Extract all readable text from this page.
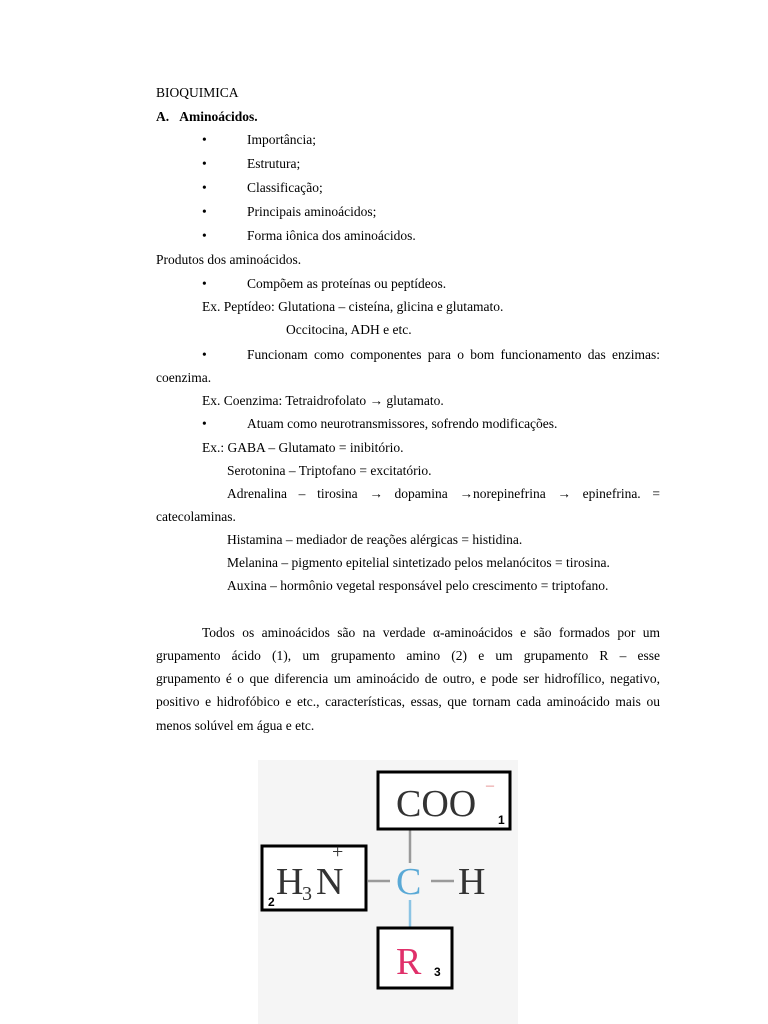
BIOQUIMICA
A. Aminoácidos.
•	Importância;
•	Estrutura;
•	Classificação;
•	Principais aminoácidos;
•	Forma iônica dos aminoácidos.
Produtos dos aminoácidos.
•	Compõem as proteínas ou peptídeos.
Ex. Peptídeo: Glutationa – cisteína, glicina e glutamato.
Occitocina, ADH e etc.
•	Funcionam como componentes para o bom funcionamento das enzimas:
coenzima.
Ex. Coenzima: Tetraidrofolato → glutamato.
•	Atuam como neurotransmissores, sofrendo modificações.
Ex.: GABA – Glutamato = inibitório.
Serotonina – Triptofano = excitatório.
Adrenalina – tirosina → dopamina →norepinefrina → epinefrina. =
catecolaminas.
Histamina – mediador de reações alérgicas = histidina.
Melanina – pigmento epitelial sintetizado pelos melanócitos = tirosina.
Auxina – hormônio vegetal responsável pelo crescimento = triptofano.
Todos os aminoácidos são na verdade α-aminoácidos e são formados por um
grupamento ácido (1), um grupamento amino (2) e um grupamento R – esse
grupamento é o que diferencia um aminoácido de outro, e pode ser hidrofílico, negativo,
positivo e hidrofóbico e etc., características, essas, que tornam cada aminoácido mais ou
menos solúvel em água e etc.
COO –
1
H
3 N
+
2	C H
R 3
